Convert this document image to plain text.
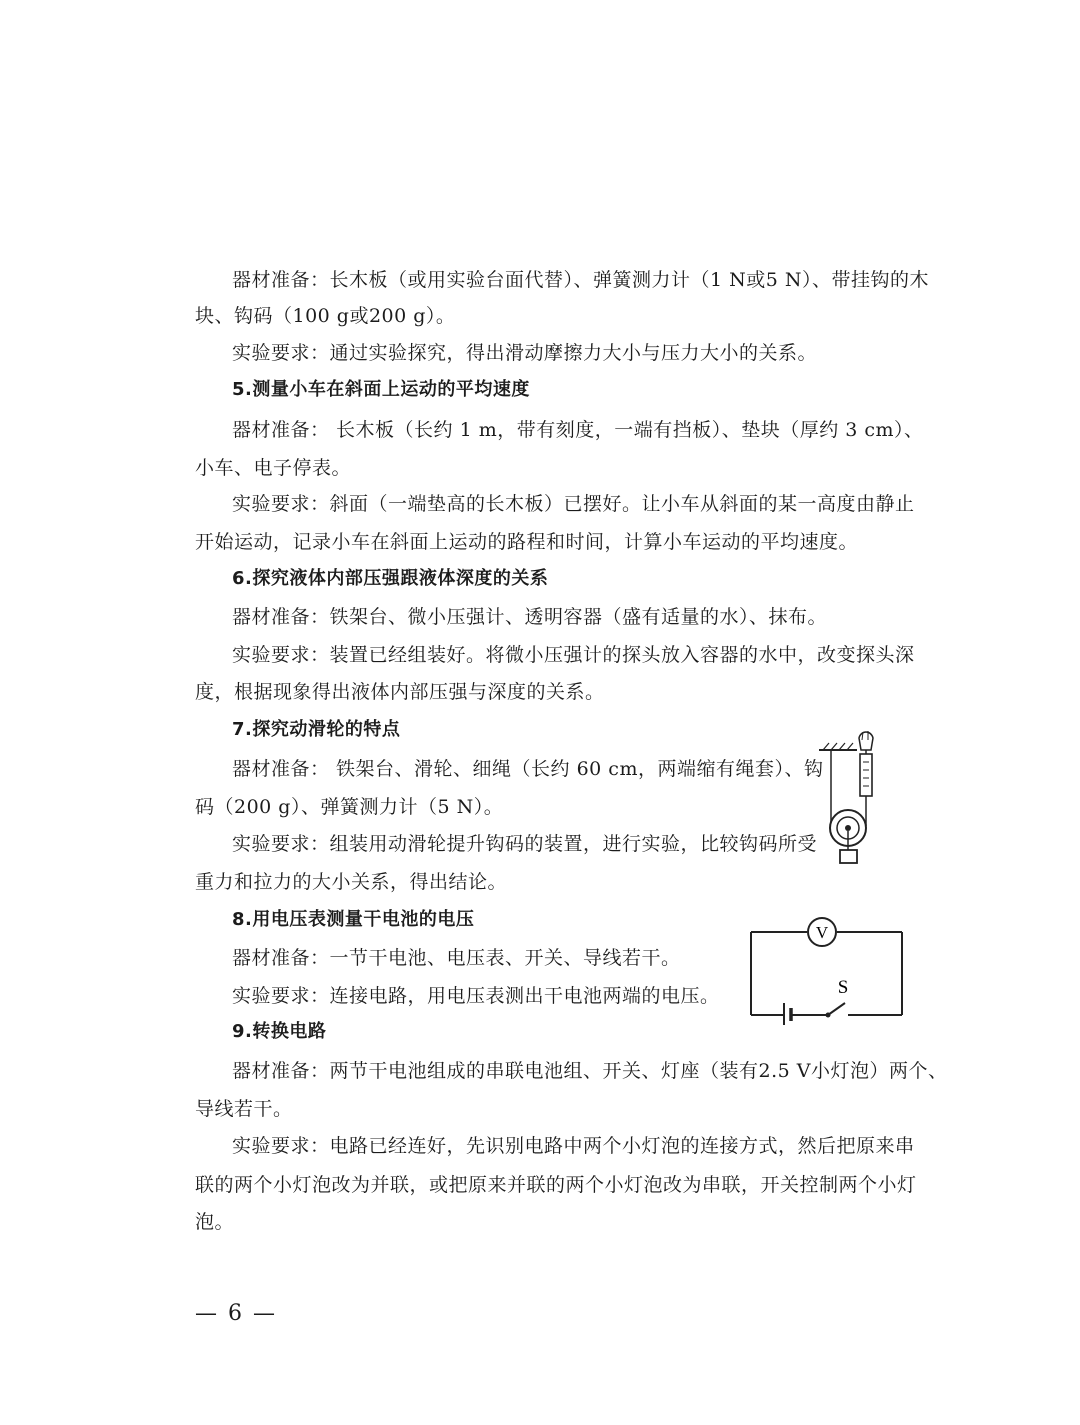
器材准备：长木板（或用实验台面代替）、弹簧测力计（1 N或5 N）、带挂钩的木
块、钩码（100 g或200 g）。
实验要求：通过实验探究，得出滑动摩擦力大小与压力大小的关系。
5.测量小车在斜面上运动的平均速度
器材准备： 长木板（长约 1 m，带有刻度，一端有挡板）、垫块（厚约 3 cm）、
小车、电子停表。
实验要求：斜面（一端垫高的长木板）已摆好。让小车从斜面的某一高度由静止
开始运动，记录小车在斜面上运动的路程和时间，计算小车运动的平均速度。
6.探究液体内部压强跟液体深度的关系
器材准备：铁架台、微小压强计、透明容器（盛有适量的水）、抹布。
实验要求：装置已经组装好。将微小压强计的探头放入容器的水中，改变探头深
度，根据现象得出液体内部压强与深度的关系。
7.探究动滑轮的特点
器材准备： 铁架台、滑轮、细绳（长约 60 cm，两端缩有绳套）、钩
码（200 g）、弹簧测力计（5 N）。
实验要求：组装用动滑轮提升钩码的装置，进行实验，比较钩码所受
重力和拉力的大小关系，得出结论。
8.用电压表测量干电池的电压
器材准备：一节干电池、电压表、开关、导线若干。
实验要求：连接电路，用电压表测出干电池两端的电压。
9.转换电路
器材准备：两节干电池组成的串联电池组、开关、灯座（装有2.5 V小灯泡）两个、
导线若干。
实验要求：电路已经连好，先识别电路中两个小灯泡的连接方式，然后把原来串
联的两个小灯泡改为并联，或把原来并联的两个小灯泡改为串联，开关控制两个小灯
泡。
V
S
— 6 —
